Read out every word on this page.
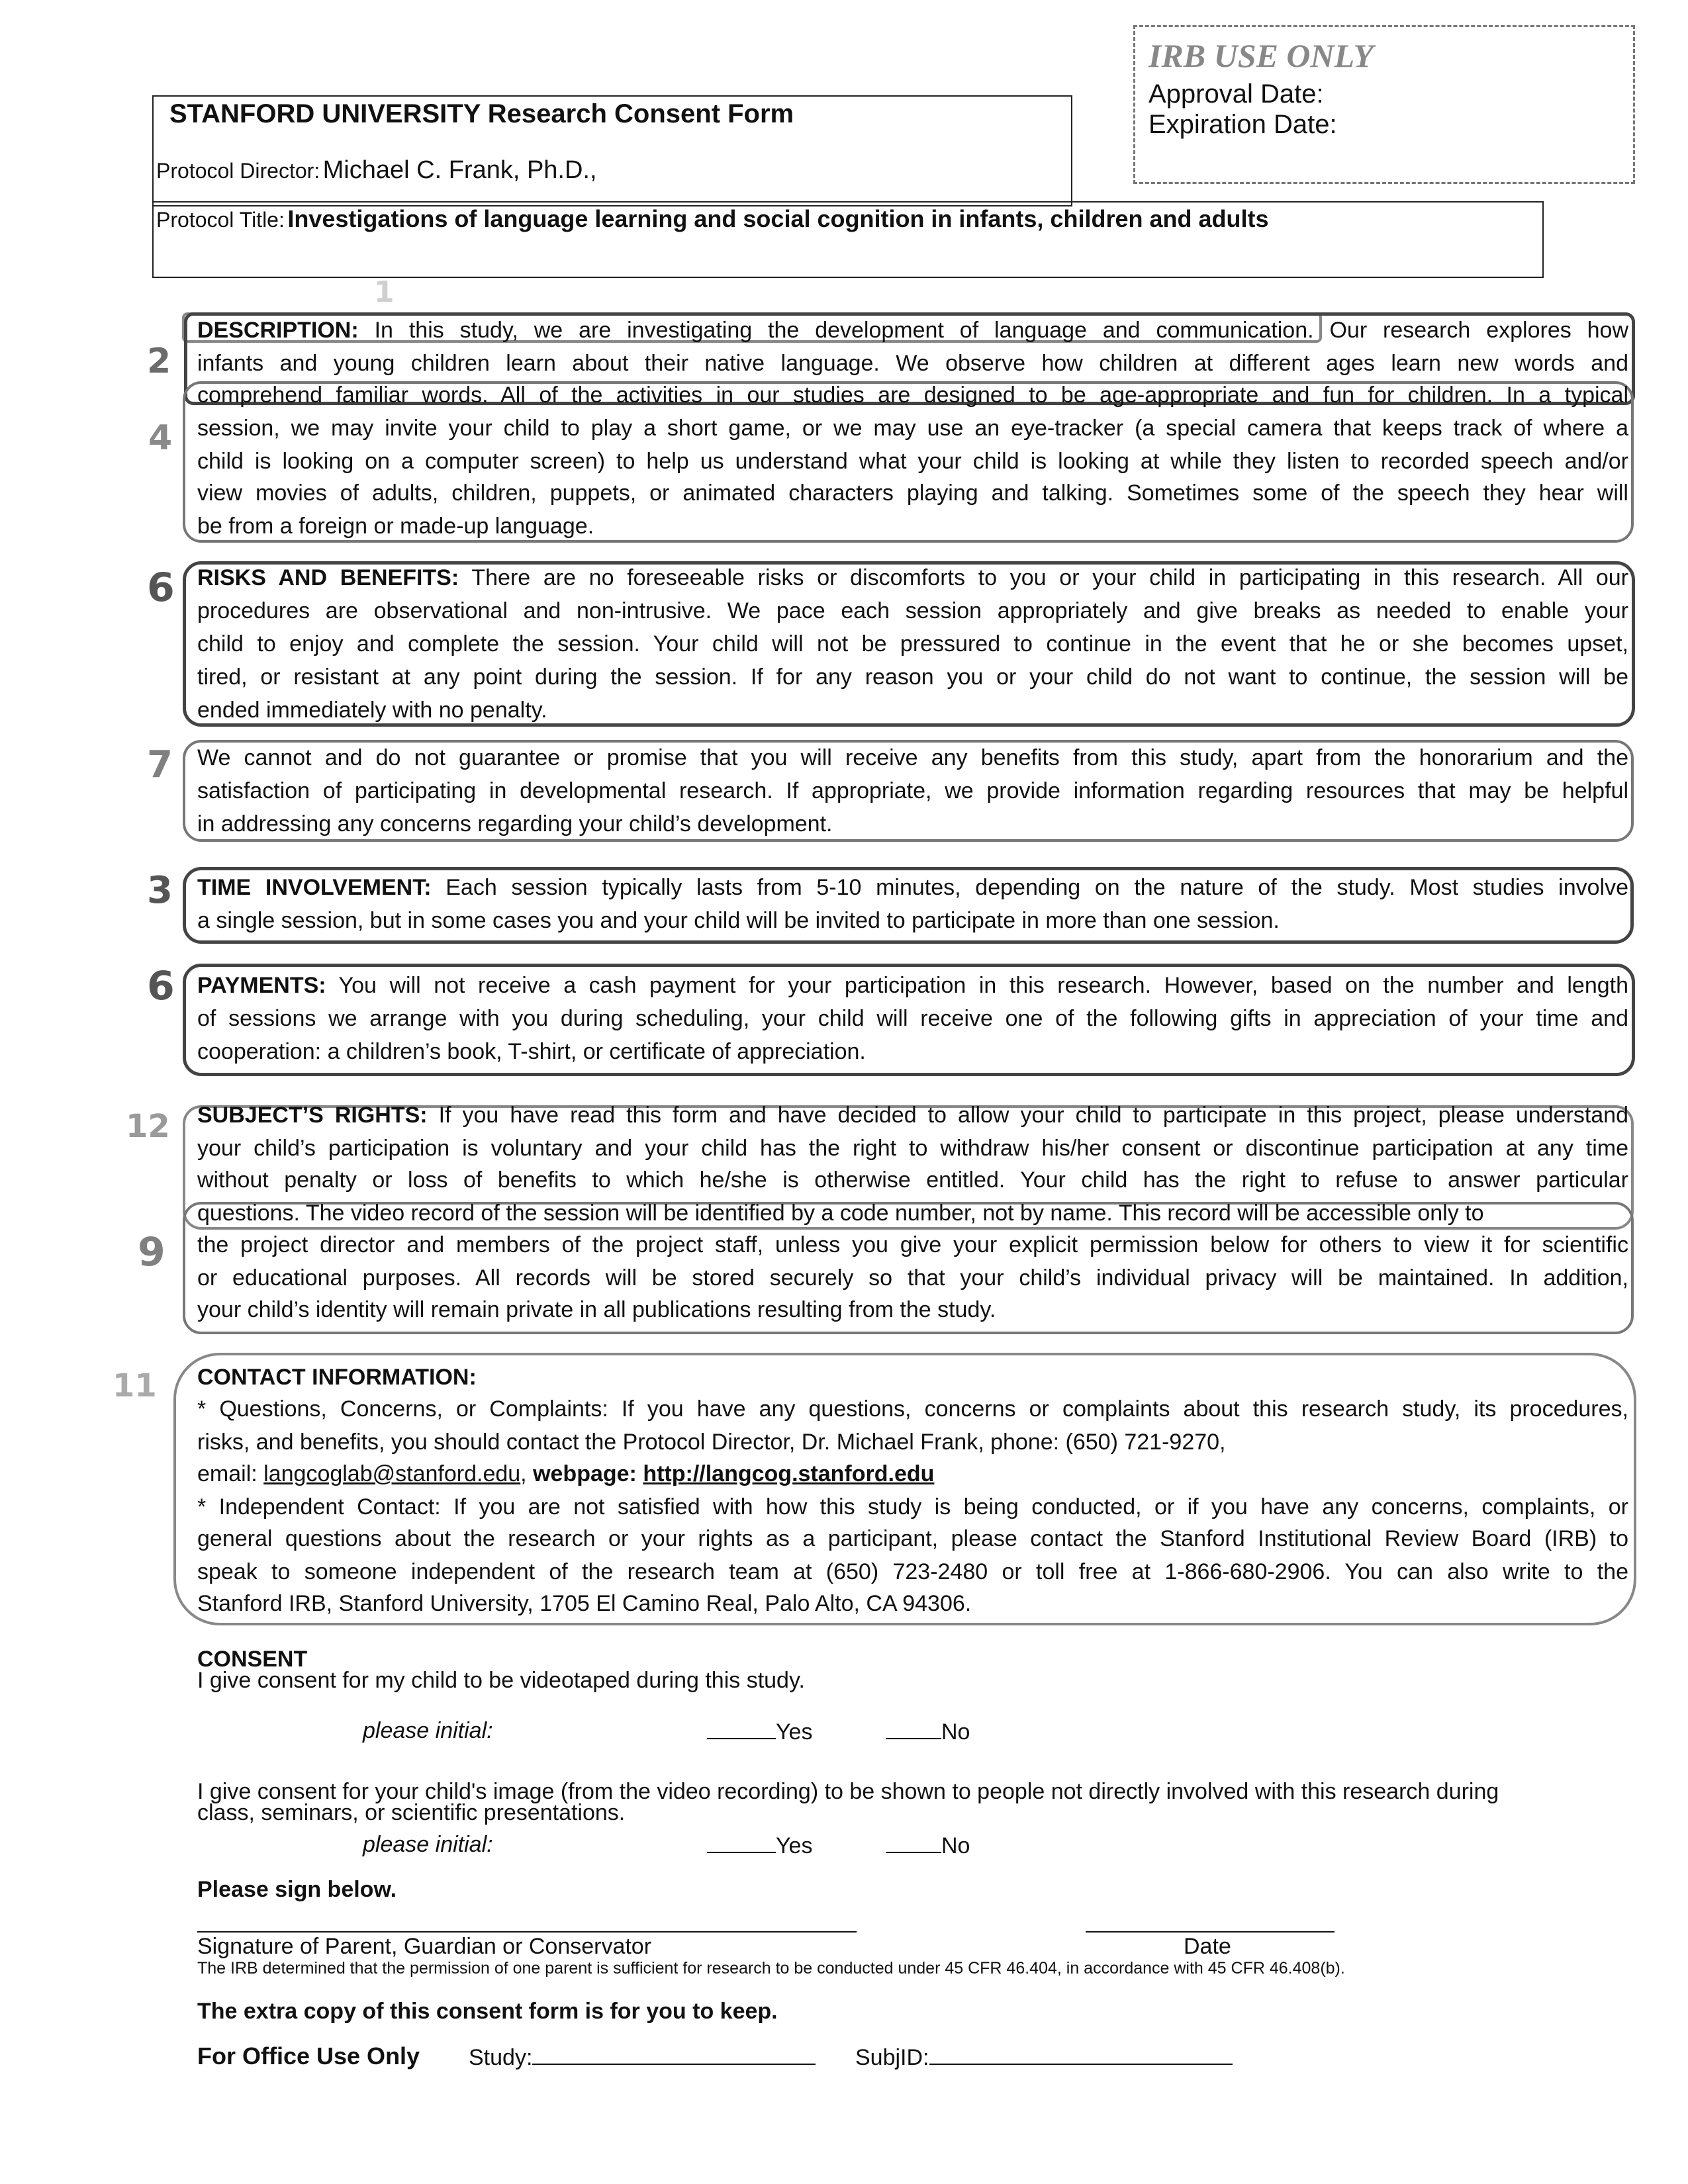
IRB USE ONLY
Approval Date:
Expiration Date:
STANFORD UNIVERSITY Research Consent Form
Protocol Director: Michael C. Frank, Ph.D.,
Protocol Title: Investigations of language learning and social cognition in infants, children and adults
1
2
4
6
7
3
6
12
9
11
DESCRIPTION: In this study, we are investigating the development of language and communication. Our research explores how
infants and young children learn about their native language. We observe how children at different ages learn new words and
comprehend familiar words. All of the activities in our studies are designed to be age-appropriate and fun for children. In a typical
session, we may invite your child to play a short game, or we may use an eye-tracker (a special camera that keeps track of where a
child is looking on a computer screen) to help us understand what your child is looking at while they listen to recorded speech and/or
view movies of adults, children, puppets, or animated characters playing and talking. Sometimes some of the speech they hear will
be from a foreign or made-up language.
RISKS AND BENEFITS: There are no foreseeable risks or discomforts to you or your child in participating in this research. All our
procedures are observational and non-intrusive. We pace each session appropriately and give breaks as needed to enable your
child to enjoy and complete the session. Your child will not be pressured to continue in the event that he or she becomes upset,
tired, or resistant at any point during the session. If for any reason you or your child do not want to continue, the session will be
ended immediately with no penalty.
We cannot and do not guarantee or promise that you will receive any benefits from this study, apart from the honorarium and the
satisfaction of participating in developmental research. If appropriate, we provide information regarding resources that may be helpful
in addressing any concerns regarding your child’s development.
TIME INVOLVEMENT: Each session typically lasts from 5-10 minutes, depending on the nature of the study. Most studies involve
a single session, but in some cases you and your child will be invited to participate in more than one session.
PAYMENTS: You will not receive a cash payment for your participation in this research. However, based on the number and length
of sessions we arrange with you during scheduling, your child will receive one of the following gifts in appreciation of your time and
cooperation: a children’s book, T-shirt, or certificate of appreciation.
SUBJECT’S RIGHTS: If you have read this form and have decided to allow your child to participate in this project, please understand
your child’s participation is voluntary and your child has the right to withdraw his/her consent or discontinue participation at any time
without penalty or loss of benefits to which he/she is otherwise entitled. Your child has the right to refuse to answer particular
questions. The video record of the session will be identified by a code number, not by name. This record will be accessible only to
the project director and members of the project staff, unless you give your explicit permission below for others to view it for scientific
or educational purposes. All records will be stored securely so that your child’s individual privacy will be maintained. In addition,
your child’s identity will remain private in all publications resulting from the study.
CONTACT INFORMATION:
* Questions, Concerns, or Complaints: If you have any questions, concerns or complaints about this research study, its procedures,
risks, and benefits, you should contact the Protocol Director, Dr. Michael Frank, phone: (650) 721-9270,
email: langcoglab@stanford.edu, webpage: http://langcog.stanford.edu
* Independent Contact: If you are not satisfied with how this study is being conducted, or if you have any concerns, complaints, or
general questions about the research or your rights as a participant, please contact the Stanford Institutional Review Board (IRB) to
speak to someone independent of the research team at (650) 723-2480 or toll free at 1-866-680-2906. You can also write to the
Stanford IRB, Stanford University, 1705 El Camino Real, Palo Alto, CA 94306.
CONSENT
I give consent for my child to be videotaped during this study.
please initial:	Yes	No
I give consent for your child's image (from the video recording) to be shown to people not directly involved with this research during
class, seminars, or scientific presentations.
please initial:	Yes	No
Please sign below.
Signature of Parent, Guardian or Conservator	Date
The IRB determined that the permission of one parent is sufficient for research to be conducted under 45 CFR 46.404, in accordance with 45 CFR 46.408(b).
The extra copy of this consent form is for you to keep.
For Office Use Only Study:	SubjID:
